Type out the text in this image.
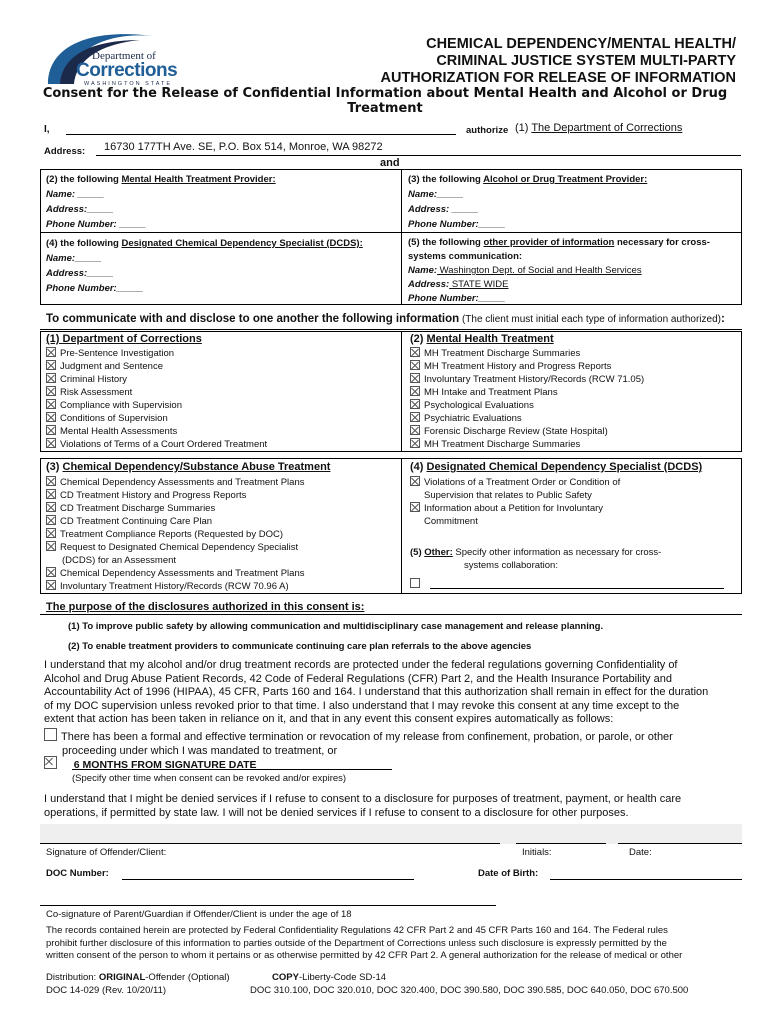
Department of
Corrections
WASHINGTON STATE
CHEMICAL DEPENDENCY/MENTAL HEALTH/
CRIMINAL JUSTICE SYSTEM MULTI-PARTY
AUTHORIZATION FOR RELEASE OF INFORMATION
Consent for the Release of Confidential Information about Mental Health and Alcohol or Drug
Treatment
I,	authorize (1) The Department of Corrections
Address:	16730 177TH Ave. SE, P.O. Box 514, Monroe, WA 98272
and
(2) the following Mental Health Treatment Provider:
Name: _____
Address:_____
Phone Number: _____
(3) the following Alcohol or Drug Treatment Provider:
Name:_____
Address: _____
Phone Number:_____
(4) the following Designated Chemical Dependency Specialist (DCDS):
Name:_____
Address:_____
Phone Number:_____
(5) the following other provider of information necessary for cross-
systems communication:
Name: Washington Dept. of Social and Health Services
Address: STATE WIDE
Phone Number:_____
To communicate with and disclose to one another the following information (The client must initial each type of information authorized):
(1) Department of Corrections
Pre-Sentence Investigation
Judgment and Sentence
Criminal History
Risk Assessment
Compliance with Supervision
Conditions of Supervision
Mental Health Assessments
Violations of Terms of a Court Ordered Treatment
(2) Mental Health Treatment
MH Treatment Discharge Summaries
MH Treatment History and Progress Reports
Involuntary Treatment History/Records (RCW 71.05)
MH Intake and Treatment Plans
Psychological Evaluations
Psychiatric Evaluations
Forensic Discharge Review (State Hospital)
MH Treatment Discharge Summaries
(3) Chemical Dependency/Substance Abuse Treatment
Chemical Dependency Assessments and Treatment Plans
CD Treatment History and Progress Reports
CD Treatment Discharge Summaries
CD Treatment Continuing Care Plan
Treatment Compliance Reports (Requested by DOC)
Request to Designated Chemical Dependency Specialist
(DCDS) for an Assessment
Chemical Dependency Assessments and Treatment Plans
Involuntary Treatment History/Records (RCW 70.96 A)
(4) Designated Chemical Dependency Specialist (DCDS)
Violations of a Treatment Order or Condition of
Supervision that relates to Public Safety
Information about a Petition for Involuntary
Commitment
(5) Other: Specify other information as necessary for cross-
systems collaboration:
The purpose of the disclosures authorized in this consent is:
(1) To improve public safety by allowing communication and multidisciplinary case management and release planning.
(2) To enable treatment providers to communicate continuing care plan referrals to the above agencies
I understand that my alcohol and/or drug treatment records are protected under the federal regulations governing Confidentiality of
Alcohol and Drug Abuse Patient Records, 42 Code of Federal Regulations (CFR) Part 2, and the Health Insurance Portability and
Accountability Act of 1996 (HIPAA), 45 CFR, Parts 160 and 164. I understand that this authorization shall remain in effect for the duration
of my DOC supervision unless revoked prior to that time. I also understand that I may revoke this consent at any time except to the
extent that action has been taken in reliance on it, and that in any event this consent expires automatically as follows:
There has been a formal and effective termination or revocation of my release from confinement, probation, or parole, or other
proceeding under which I was mandated to treatment, or
6 MONTHS FROM SIGNATURE DATE
(Specify other time when consent can be revoked and/or expires)
I understand that I might be denied services if I refuse to consent to a disclosure for purposes of treatment, payment, or health care
operations, if permitted by state law. I will not be denied services if I refuse to consent to a disclosure for other purposes.
Signature of Offender/Client:	Initials:	Date:
DOC Number:	Date of Birth:
Co-signature of Parent/Guardian if Offender/Client is under the age of 18
The records contained herein are protected by Federal Confidentiality Regulations 42 CFR Part 2 and 45 CFR Parts 160 and 164. The Federal rules
prohibit further disclosure of this information to parties outside of the Department of Corrections unless such disclosure is expressly permitted by the
written consent of the person to whom it pertains or as otherwise permitted by 42 CFR Part 2. A general authorization for the release of medical or other
Distribution: ORIGINAL-Offender (Optional)	COPY-Liberty-Code SD-14
DOC 14-029 (Rev. 10/20/11)	DOC 310.100, DOC 320.010, DOC 320.400, DOC 390.580, DOC 390.585, DOC 640.050, DOC 670.500
